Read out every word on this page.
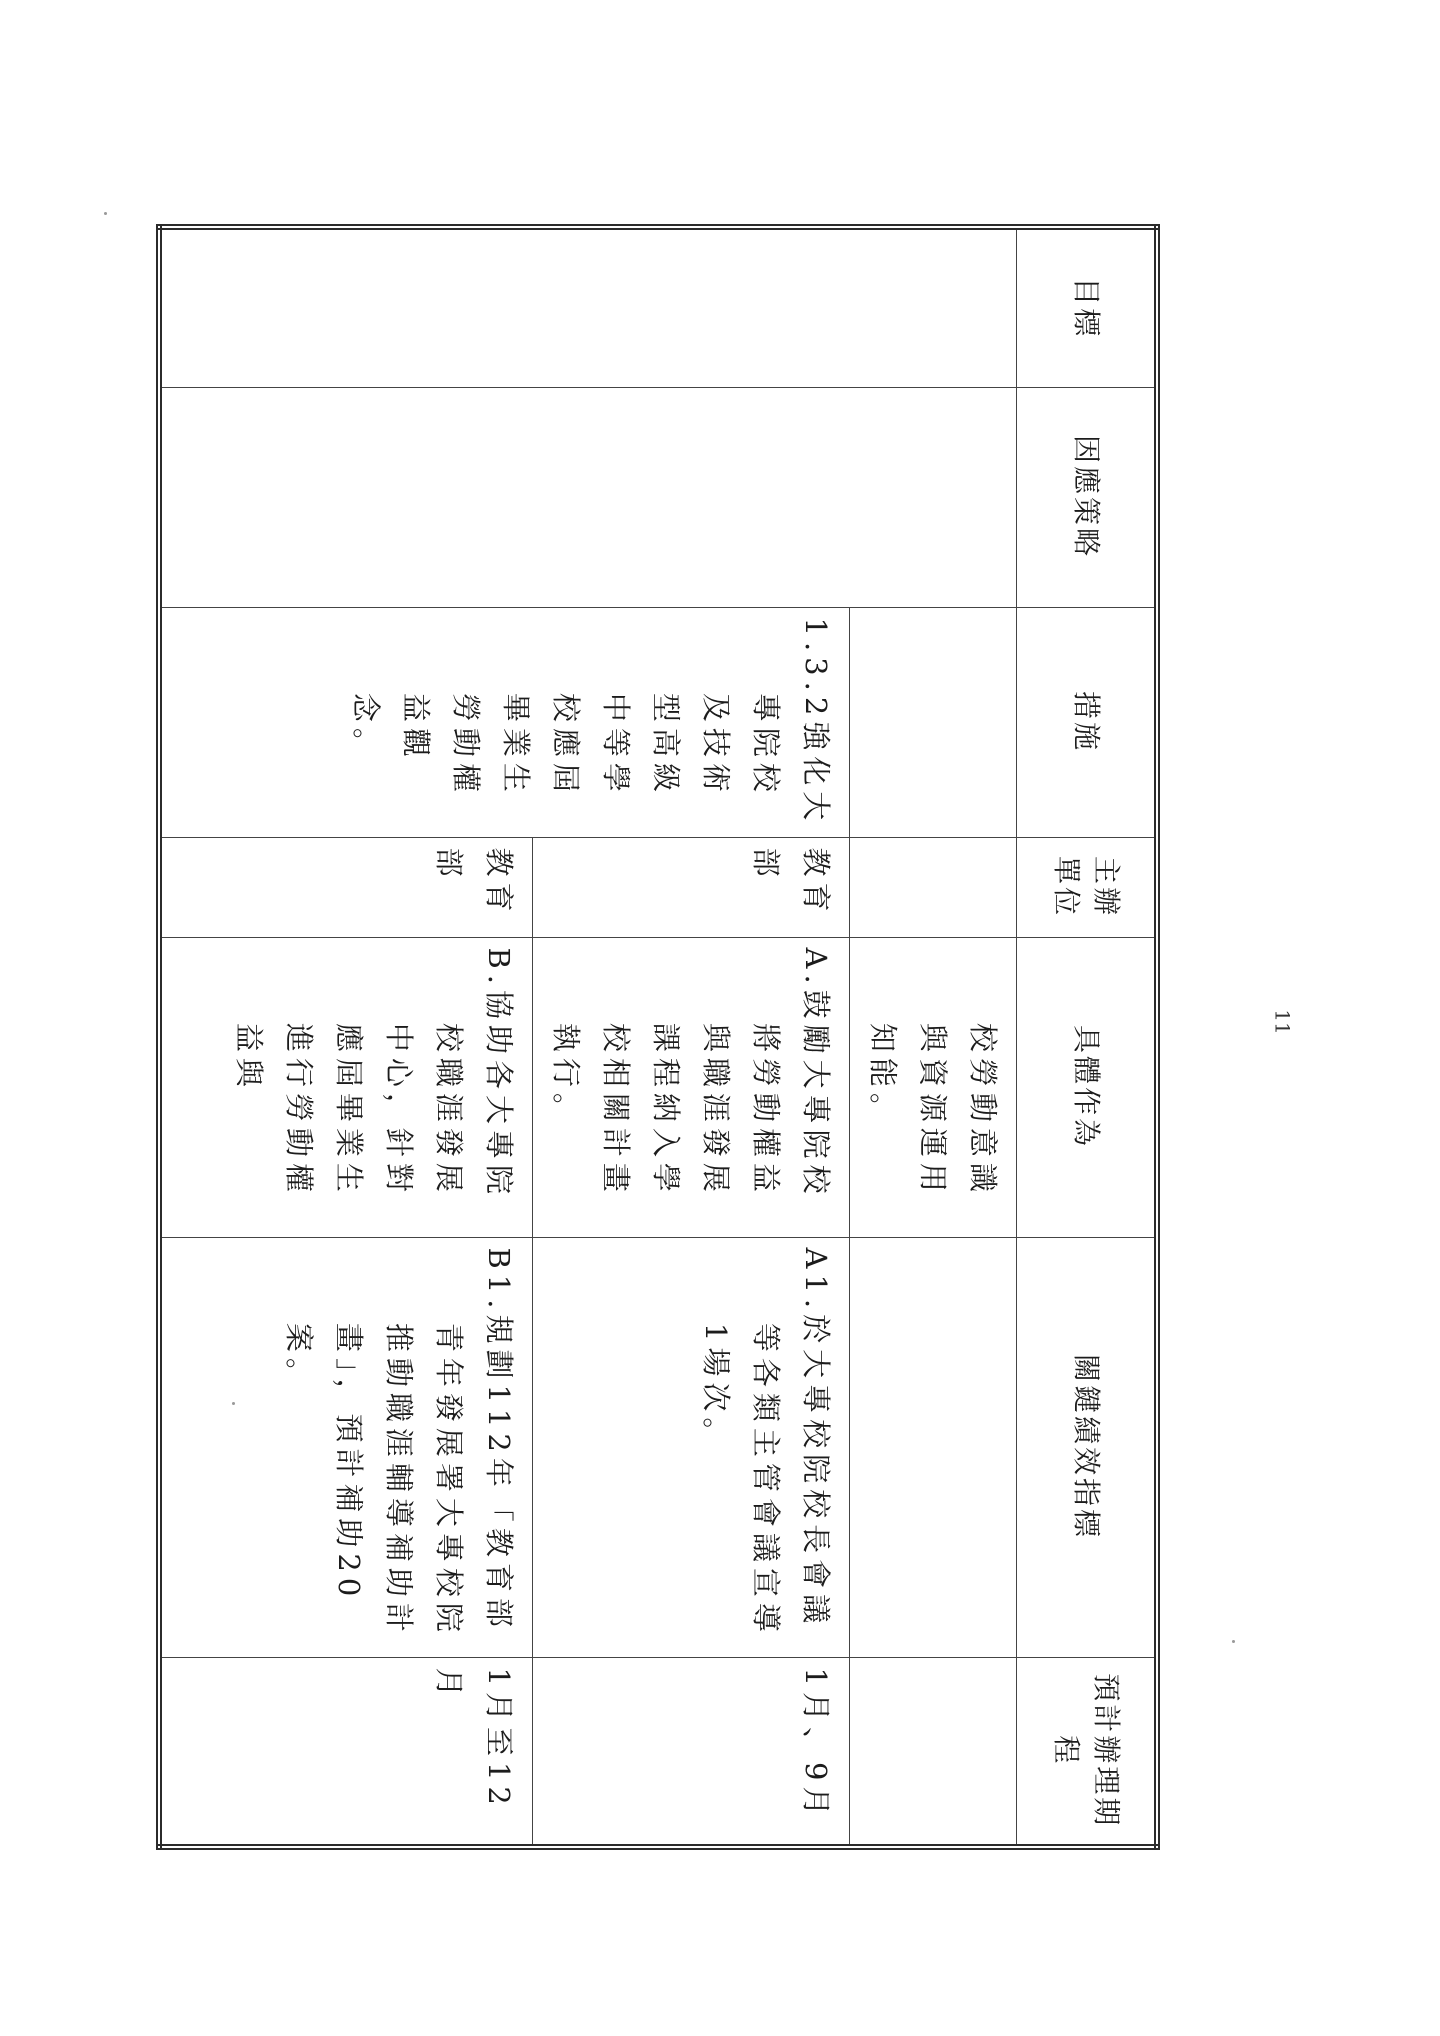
目標	因應策略	措施	主辦單位	具體作為	關鍵績效指標	預計辦理期程

				校勞動意識與資源運用知能。		

		1.3.2強化大專院校及技術型高級中等學校應屆畢業生勞動權益觀念。	教育部	A.鼓勵大專院校將勞動權益與職涯發展課程納入學校相關計畫執行。	A1.於大專校院校長會議等各類主管會議宣導1場次。	1月、9月
			教育部	B.協助各大專院校職涯發展中心，針對應屆畢業生進行勞動權益與	B1.規劃112年「教育部青年發展署大專校院推動職涯輔導補助計畫」，預計補助20案。	1月至12月
11
